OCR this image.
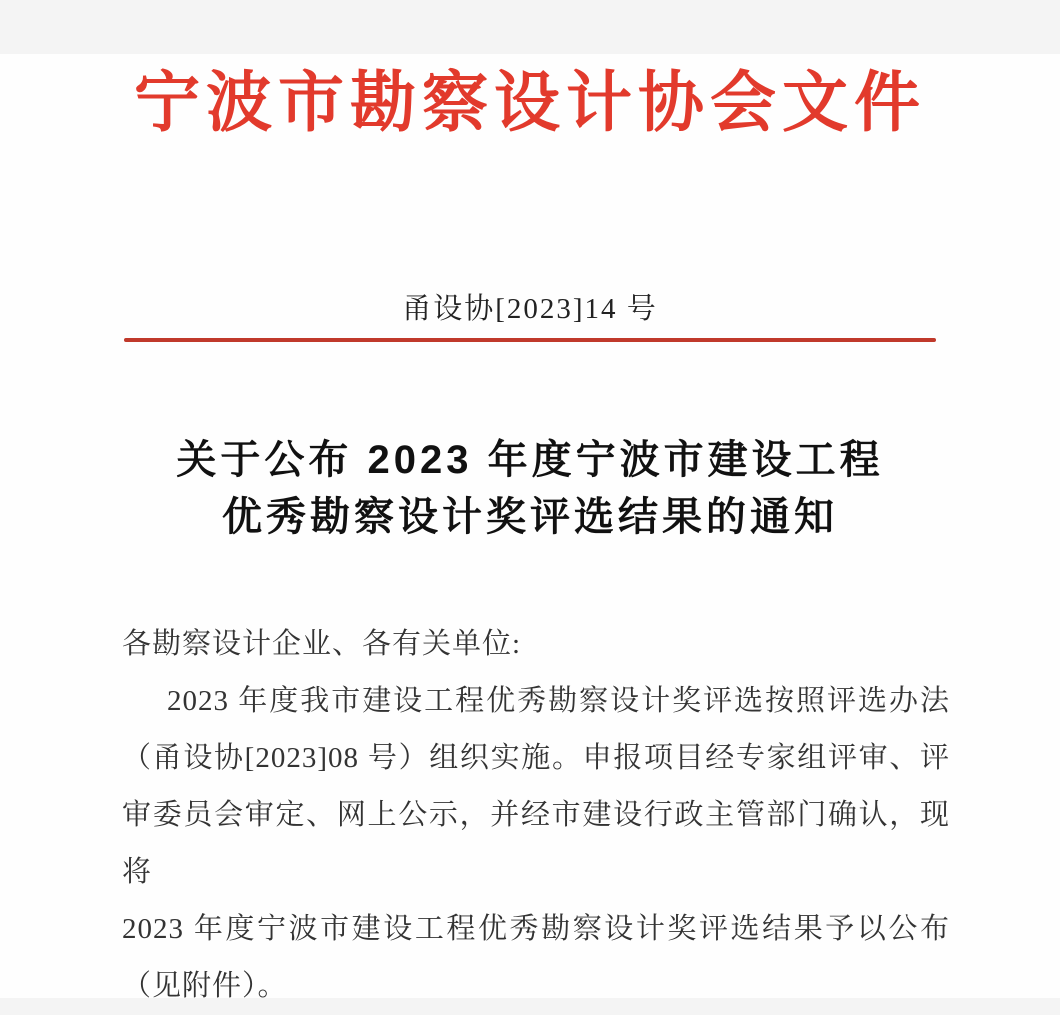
宁波市勘察设计协会文件
甬设协[2023]14 号
关于公布 2023 年度宁波市建设工程
优秀勘察设计奖评选结果的通知
各勘察设计企业、各有关单位:
2023 年度我市建设工程优秀勘察设计奖评选按照评选办法
（甬设协[2023]08 号）组织实施。申报项目经专家组评审、评
审委员会审定、网上公示，并经市建设行政主管部门确认，现将
2023 年度宁波市建设工程优秀勘察设计奖评选结果予以公布
（见附件）。
